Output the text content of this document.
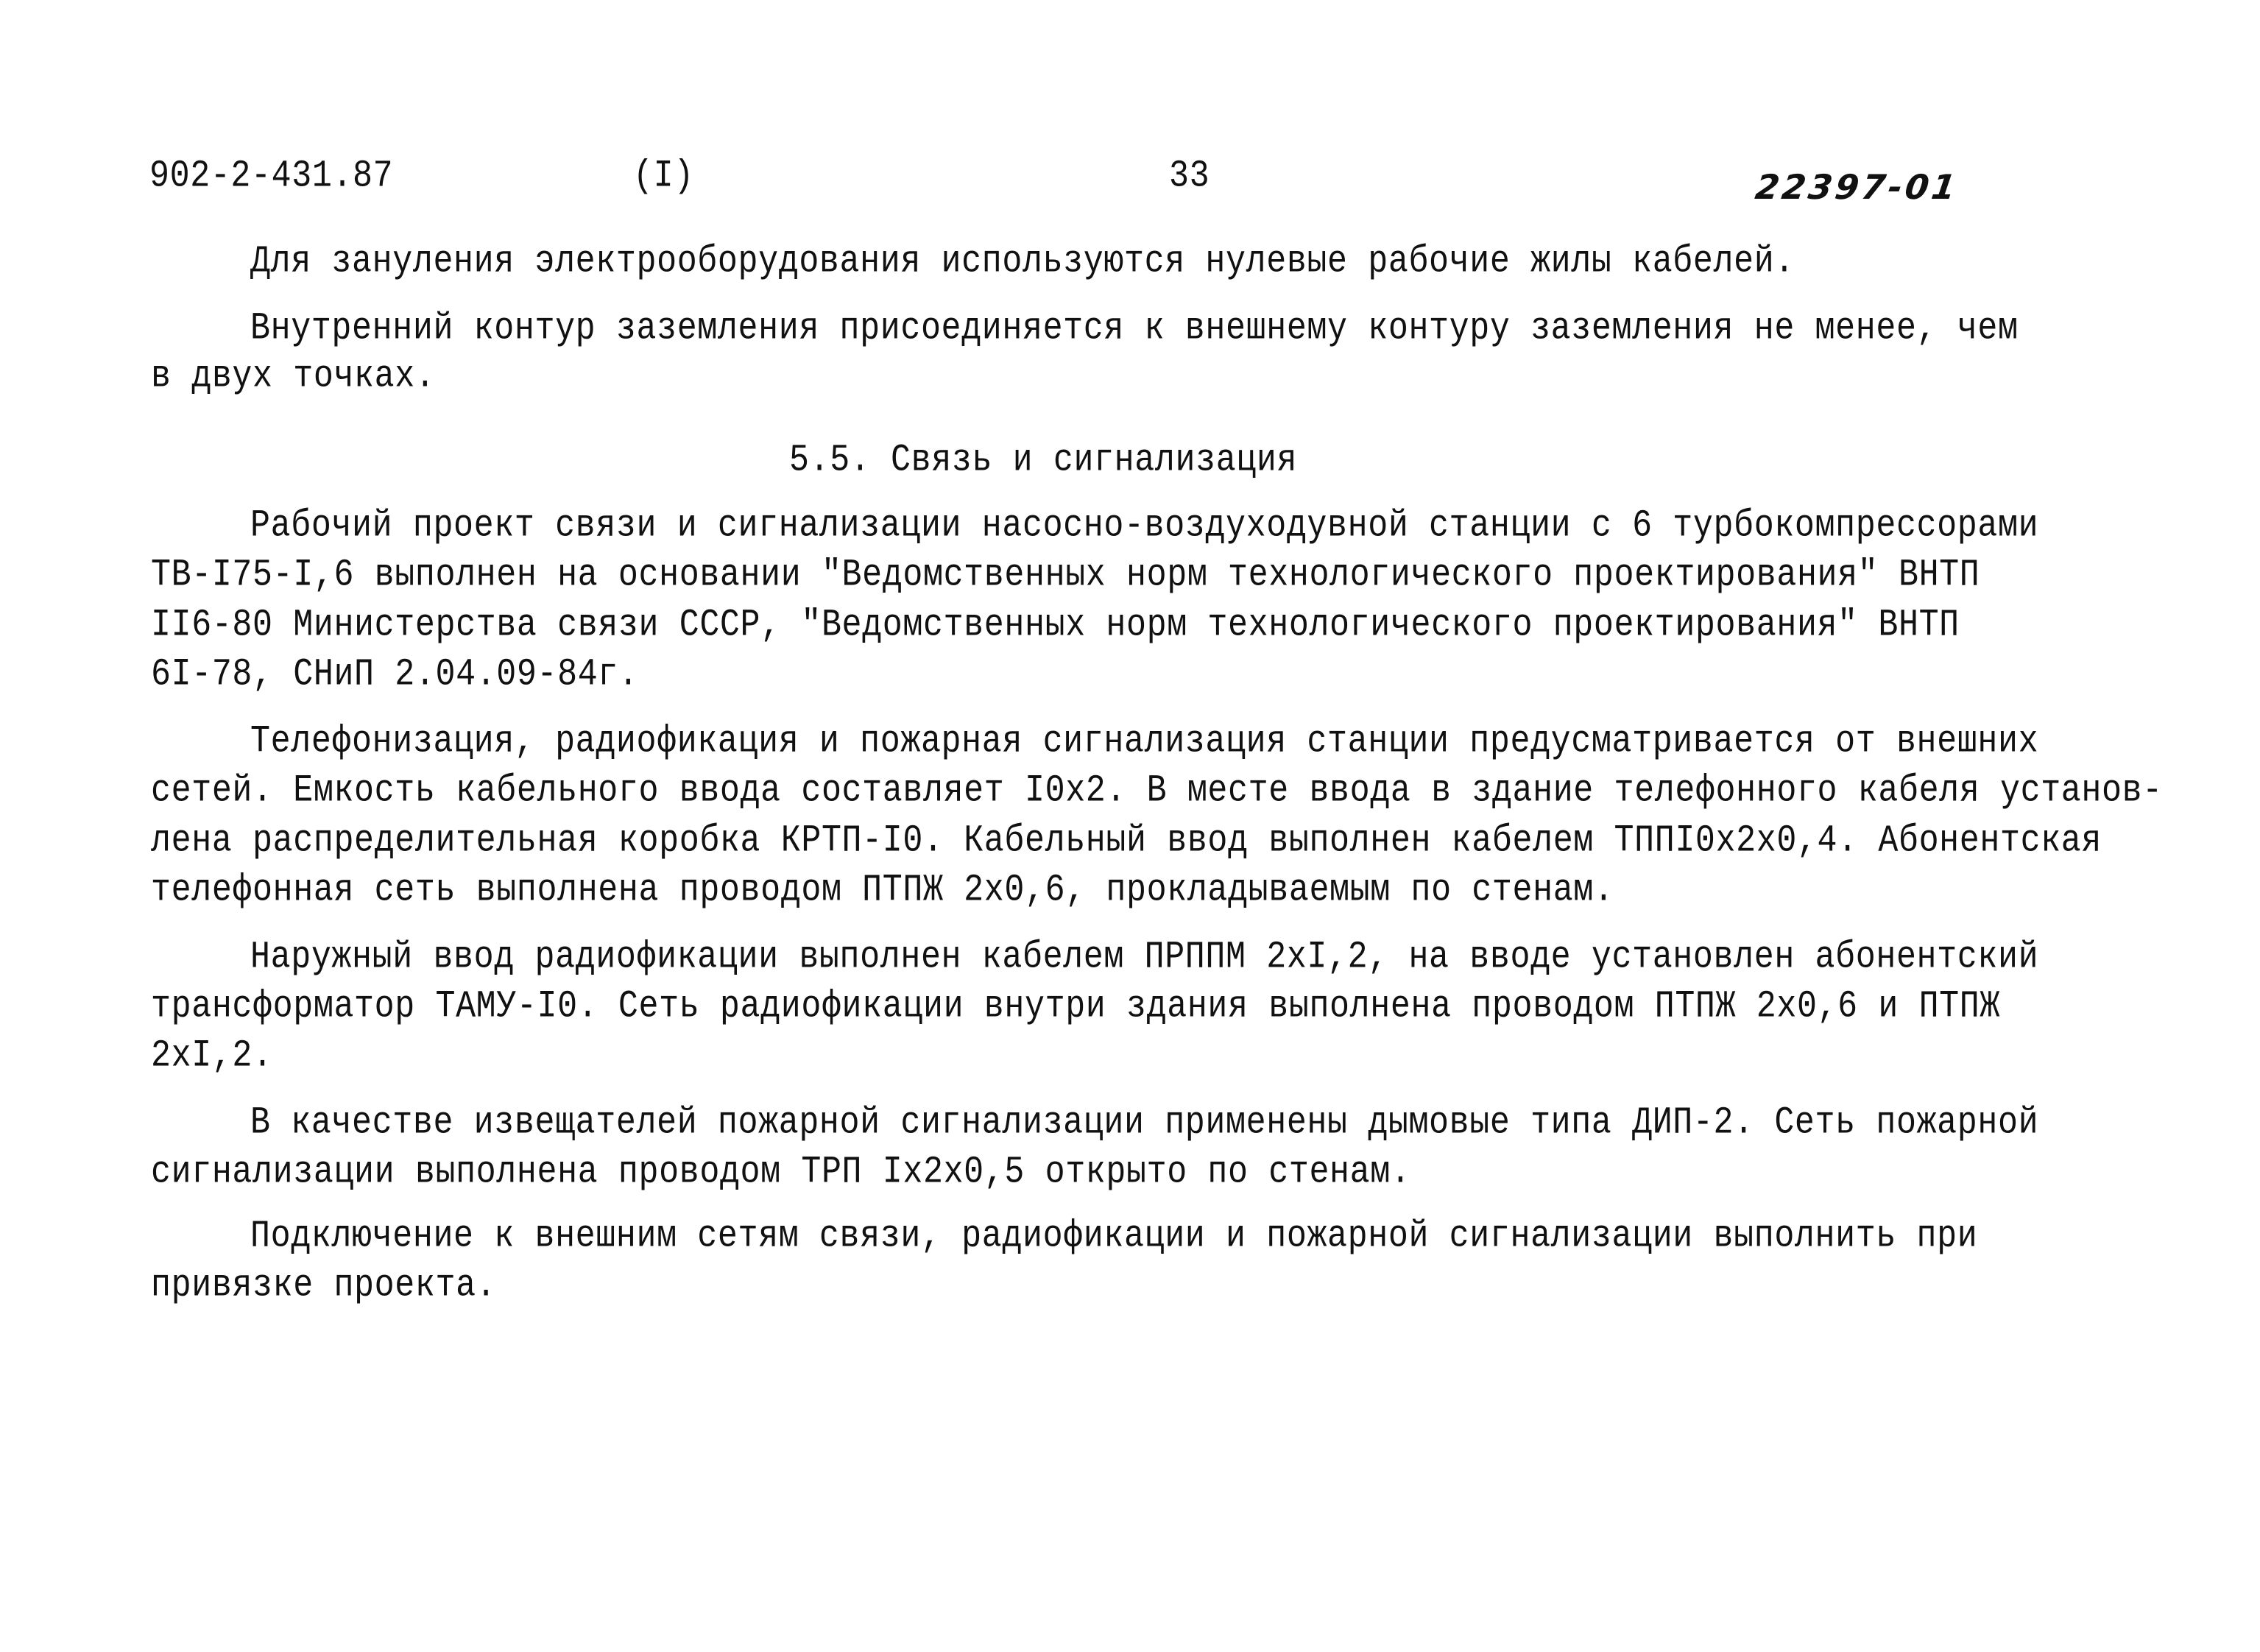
902-2-431.87	(I)	33	22397-01
Для зануления электрооборудования используются нулевые рабочие жилы кабелей.
Внутренний контур заземления присоединяется к внешнему контуру заземления не менее, чем
в двух точках.
5.5. Связь и сигнализация
Рабочий проект связи и сигнализации насосно-воздуходувной станции с 6 турбокомпрессорами
ТВ-I75-I,6 выполнен на основании "Ведомственных норм технологического проектирования" ВНТП
II6-80 Министерства связи СССР, "Ведомственных норм технологического проектирования" ВНТП
6I-78, СНиП 2.04.09-84г.
Телефонизация, радиофикация и пожарная сигнализация станции предусматривается от внешних
сетей. Емкость кабельного ввода составляет I0x2. В месте ввода в здание телефонного кабеля установ-
лена распределительная коробка КРТП-I0. Кабельный ввод выполнен кабелем ТППI0x2x0,4. Абонентская
телефонная сеть выполнена проводом ПТПЖ 2x0,6, прокладываемым по стенам.
Наружный ввод радиофикации выполнен кабелем ПРППМ 2xI,2, на вводе установлен абонентский
трансформатор ТАМУ-I0. Сеть радиофикации внутри здания выполнена проводом ПТПЖ 2x0,6 и ПТПЖ
2xI,2.
В качестве извещателей пожарной сигнализации применены дымовые типа ДИП-2. Сеть пожарной
сигнализации выполнена проводом ТРП Ix2x0,5 открыто по стенам.
Подключение к внешним сетям связи, радиофикации и пожарной сигнализации выполнить при
привязке проекта.
